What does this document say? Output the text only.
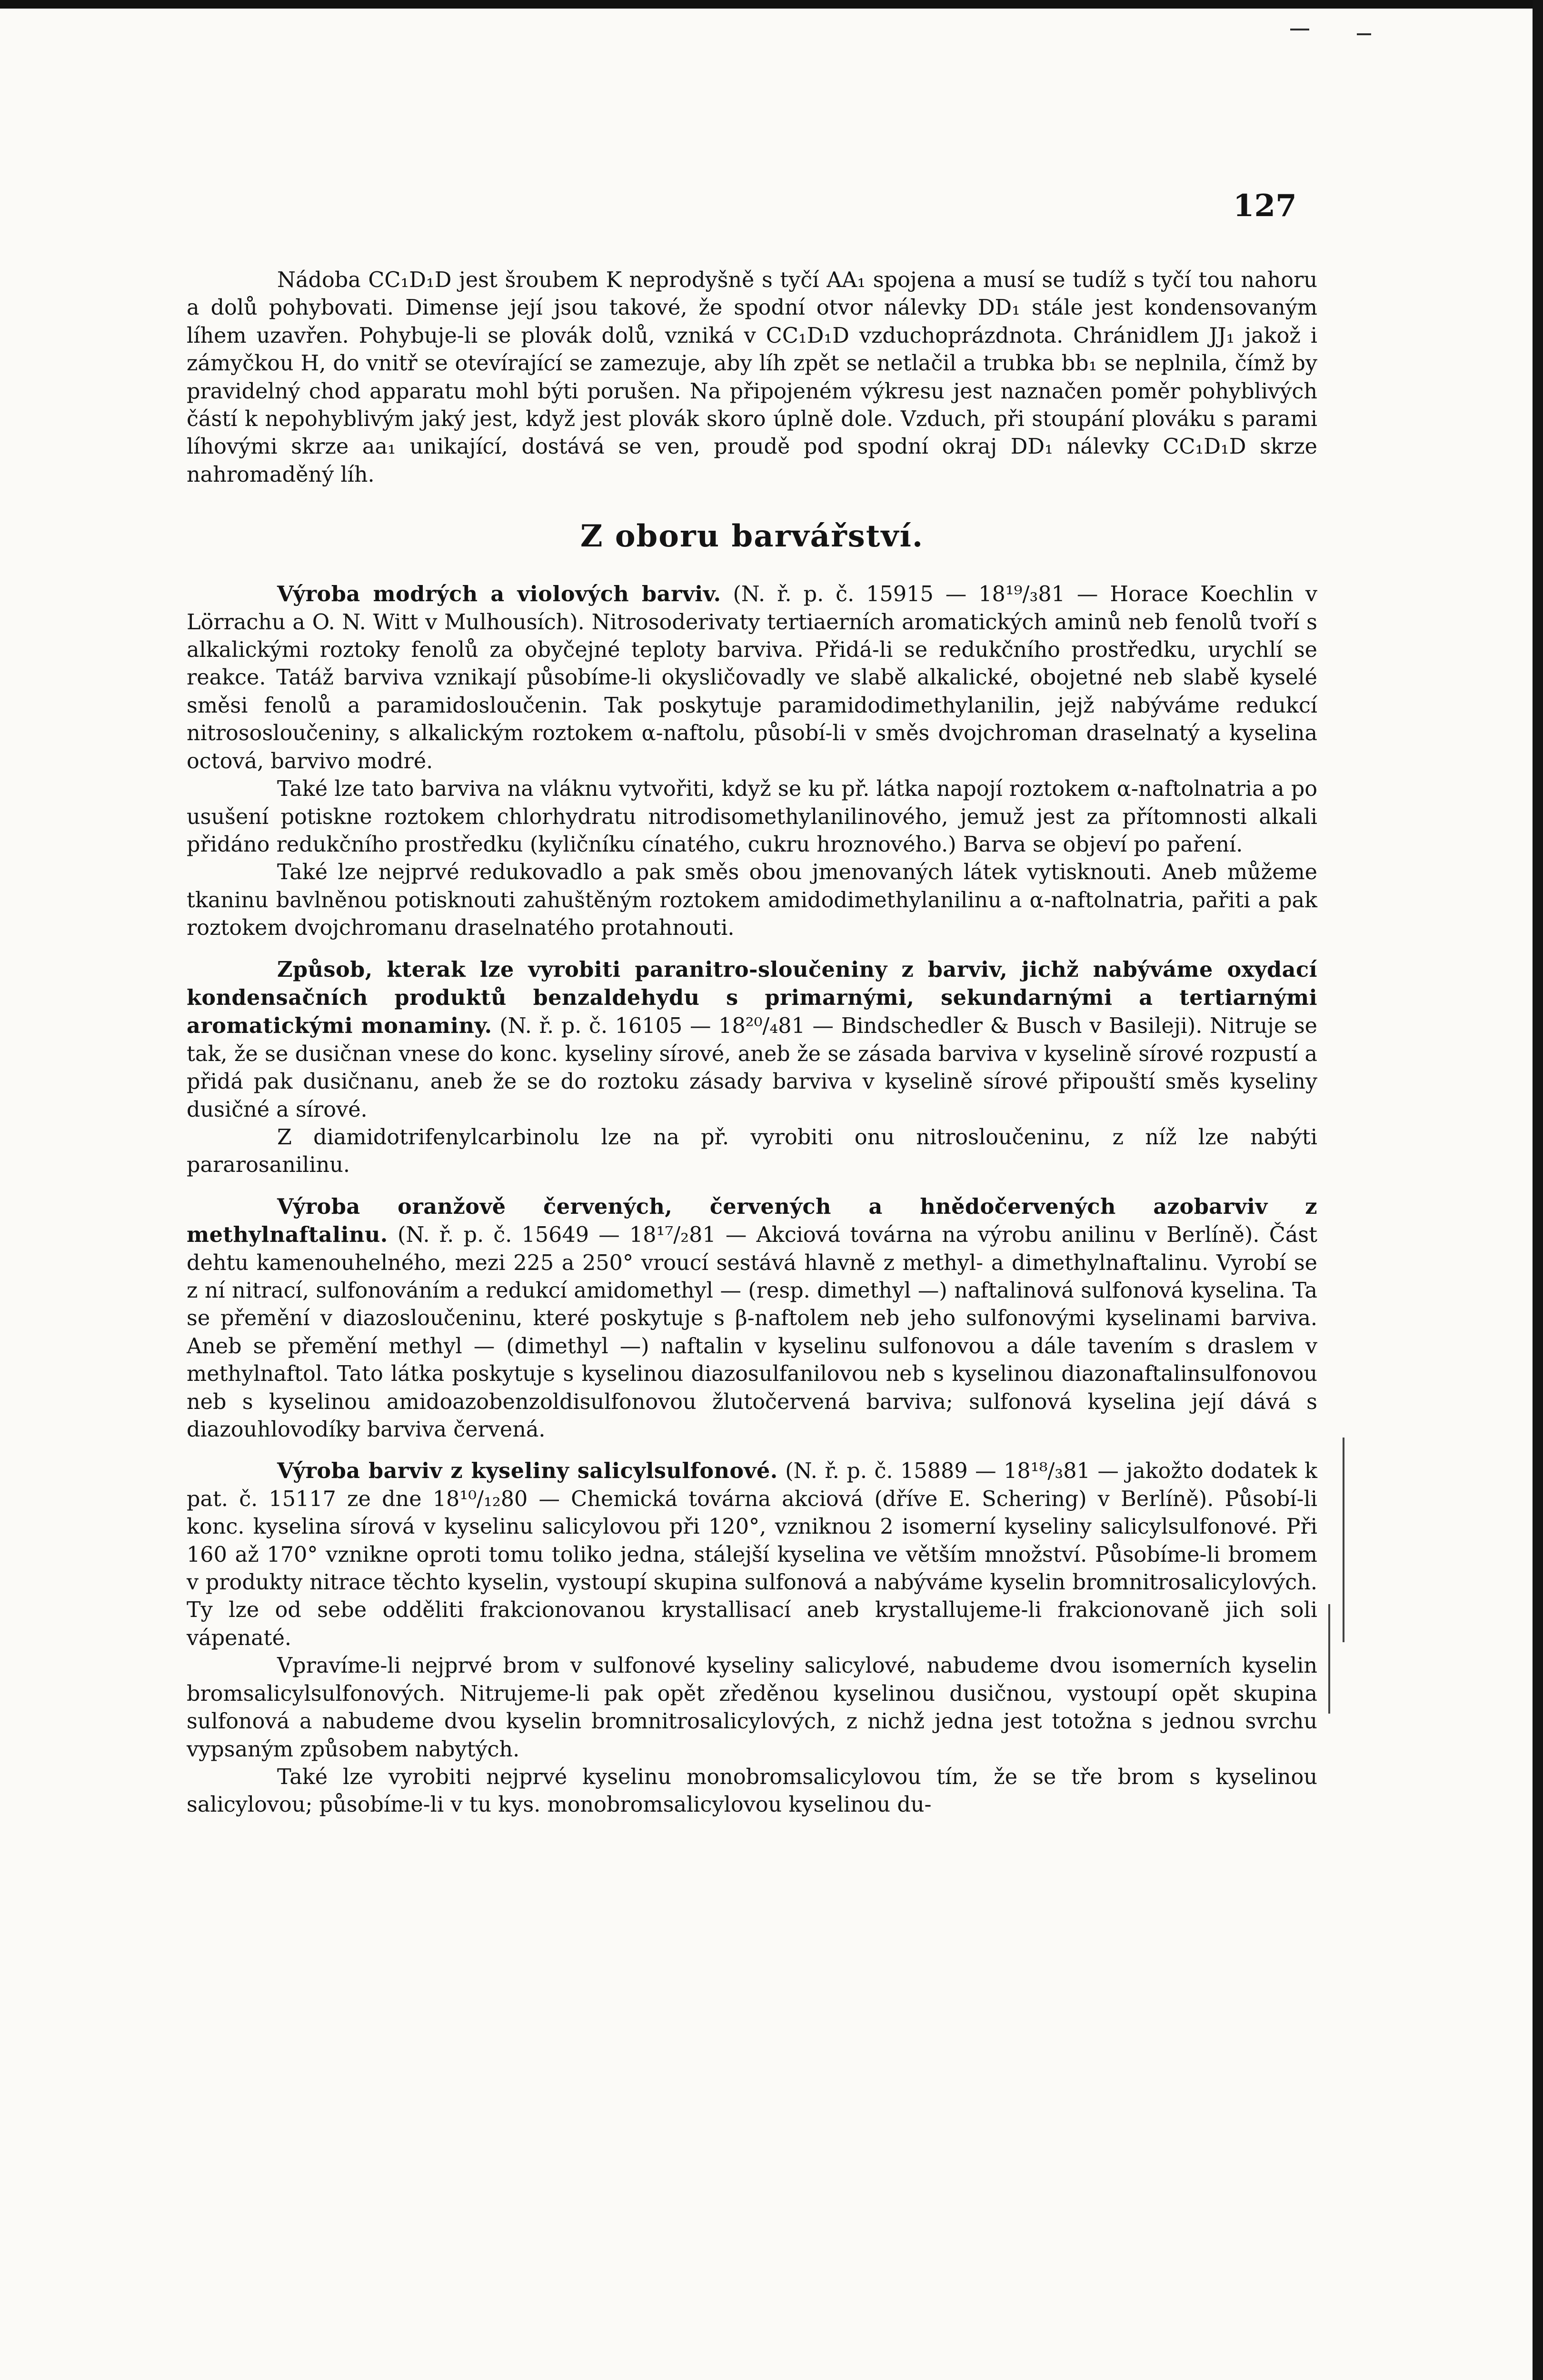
127

Nádoba CC₁D₁D jest šroubem K neprodyšně s tyčí AA₁ spojena a musí se tudíž s tyčí tou nahoru a dolů pohybovati. Dimense její jsou takové, že spodní otvor nálevky DD₁ stále jest kondensovaným líhem uzavřen. Pohybuje-li se plovák dolů, vzniká v CC₁D₁D vzduchoprázdnota. Chránidlem JJ₁ jakož i zámyčkou H, do vnitř se otevírající se zamezuje, aby líh zpět se netlačil a trubka bb₁ se neplnila, čímž by pravidelný chod apparatu mohl býti porušen. Na připojeném výkresu jest naznačen poměr pohyblivých částí k nepohyblivým jaký jest, když jest plovák skoro úplně dole. Vzduch, při stoupání plováku s parami líhovými skrze aa₁ unikající, dostává se ven, proudě pod spodní okraj DD₁ nálevky CC₁D₁D skrze nahromaděný líh.

Z oboru barvářství.

Výroba modrých a violových barviv. (N. ř. p. č. 15915 — 18¹⁹/₃81 — Horace Koechlin v Lörrachu a O. N. Witt v Mulhousích). Nitrosoderivaty tertiaerních aromatických aminů neb fenolů tvoří s alkalickými roztoky fenolů za obyčejné teploty barviva. Přidá-li se redukčního prostředku, urychlí se reakce. Tatáž barviva vznikají působíme-li okysličovadly ve slabě alkalické, obojetné neb slabě kyselé směsi fenolů a paramidosloučenin. Tak poskytuje paramidodimethylanilin, jejž nabýváme redukcí nitrososloučeniny, s alkalickým roztokem α-naftolu, působí-li v směs dvojchroman draselnatý a kyselina octová, barvivo modré.

Také lze tato barviva na vláknu vytvořiti, když se ku př. látka napojí roztokem α-naftolnatria a po usušení potiskne roztokem chlorhydratu nitrodisomethylanilinového, jemuž jest za přítomnosti alkali přidáno redukčního prostředku (kyličníku cínatého, cukru hroznového.) Barva se objeví po paření.

Také lze nejprvé redukovadlo a pak směs obou jmenovaných látek vytisknouti. Aneb můžeme tkaninu bavlněnou potisknouti zahuštěným roztokem amidodimethylanilinu a α-naftolnatria, pařiti a pak roztokem dvojchromanu draselnatého protahnouti.

Způsob, kterak lze vyrobiti paranitro-sloučeniny z barviv, jichž nabýváme oxydací kondensačních produktů benzaldehydu s primarnými, sekundarnými a tertiarnými aromatickými monaminy. (N. ř. p. č. 16105 — 18²⁰/₄81 — Bindschedler & Busch v Basileji). Nitruje se tak, že se dusičnan vnese do konc. kyseliny sírové, aneb že se zásada barviva v kyselině sírové rozpustí a přidá pak dusičnanu, aneb že se do roztoku zásady barviva v kyselině sírové připouští směs kyseliny dusičné a sírové.

Z diamidotrifenylcarbinolu lze na př. vyrobiti onu nitrosloučeninu, z níž lze nabýti pararosanilinu.

Výroba oranžově červených, červených a hnědočervených azobarviv z methylnaftalinu. (N. ř. p. č. 15649 — 18¹⁷/₂81 — Akciová továrna na výrobu anilinu v Berlíně). Část dehtu kamenouhelného, mezi 225 a 250° vroucí sestává hlavně z methyl- a dimethylnaftalinu. Vyrobí se z ní nitrací, sulfonováním a redukcí amidomethyl — (resp. dimethyl —) naftalinová sulfonová kyselina. Ta se přemění v diazosloučeninu, které poskytuje s β-naftolem neb jeho sulfonovými kyselinami barviva. Aneb se přemění methyl — (dimethyl —) naftalin v kyselinu sulfonovou a dále tavením s draslem v methylnaftol. Tato látka poskytuje s kyselinou diazosulfanilovou neb s kyselinou diazonaftalinsulfonovou neb s kyselinou amidoazobenzoldisulfonovou žlutočervená barviva; sulfonová kyselina její dává s diazouhlovodíky barviva červená.

Výroba barviv z kyseliny salicylsulfonové. (N. ř. p. č. 15889 — 18¹⁸/₃81 — jakožto dodatek k pat. č. 15117 ze dne 18¹⁰/₁₂80 — Chemická továrna akciová (dříve E. Schering) v Berlíně). Působí-li konc. kyselina sírová v kyselinu salicylovou při 120°, vzniknou 2 isomerní kyseliny salicylsulfonové. Při 160 až 170° vznikne oproti tomu toliko jedna, stálejší kyselina ve větším množství. Působíme-li bromem v produkty nitrace těchto kyselin, vystoupí skupina sulfonová a nabýváme kyselin bromnitrosalicylových. Ty lze od sebe odděliti frakcionovanou krystallisací aneb krystallujeme-li frakcionovaně jich soli vápenaté.

Vpravíme-li nejprvé brom v sulfonové kyseliny salicylové, nabudeme dvou isomerních kyselin bromsalicylsulfonových. Nitrujeme-li pak opět zředěnou kyselinou dusičnou, vystoupí opět skupina sulfonová a nabudeme dvou kyselin bromnitrosalicylových, z nichž jedna jest totožna s jednou svrchu vypsaným způsobem nabytých.

Také lze vyrobiti nejprvé kyselinu monobromsalicylovou tím, že se tře brom s kyselinou salicylovou; působíme-li v tu kys. monobromsalicylovou kyselinou du-
